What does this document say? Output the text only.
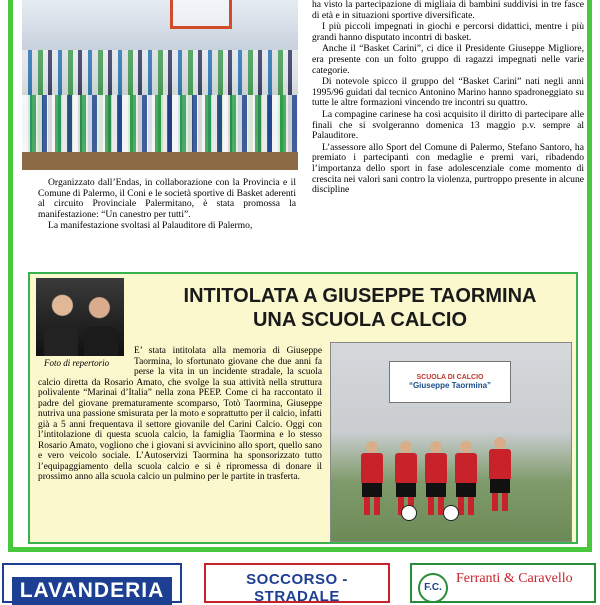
Organizzato dall’Endas, in collaborazione con la Provincia e il Comune di Palermo, il Coni e le società sportive di Basket aderenti al circuito Provinciale Palermitano, è stata promossa la manifestazione: “Un canestro per tutti”.

La manifestazione svoltasi al Palauditore di Palermo,

ha visto la partecipazione di migliaia di bambini suddivisi in tre fasce di età e in situazioni sportive diversificate.

I più piccoli impegnati in giochi e percorsi didattici, mentre i più grandi hanno disputato incontri di basket.

Anche il “Basket Carini”, ci dice il Presidente Giuseppe Migliore, era presente con un folto gruppo di ragazzi impegnati nelle varie categorie.

Di notevole spicco il gruppo del “Basket Carini” nati negli anni 1995/96 guidati dal tecnico Antonino Marino hanno spadroneggiato su tutte le altre formazioni vincendo tre incontri su quattro.

La compagine carinese ha così acquisito il diritto di partecipare alle finali che si svolgeranno domenica 13 maggio p.v. sempre al Palauditore.

L’assessore allo Sport del Comune di Palermo, Stefano Santoro, ha premiato i partecipanti con medaglie e premi vari, ribadendo l’importanza dello sport in fase adolescenziale come momento di crescita nei valori sani contro la violenza, purtroppo presente in alcune discipline

Foto di repertorio
INTITOLATA A GIUSEPPE TAORMINA
UNA SCUOLA CALCIO
E’ stata intitolata alla memoria di Giuseppe Taormina, lo sfortunato giovane che due anni fa perse la vita in un incidente stradale, la scuola calcio diretta da Rosario Amato, che svolge la sua attività nella struttura polivalente “Marinai d’Italia” nella zona PEEP. Come ci ha raccontato il padre del giovane prematuramente scomparso, Totò Taormina, Giuseppe nutriva una passione smisurata per la moto e soprattutto per il calcio, infatti già a 5 anni frequentava il settore giovanile del Carini Calcio. Oggi con l’intitolazione di questa scuola calcio, la famiglia Taormina e lo stesso Rosario Amato, vogliono che i giovani si avvicinino allo sport, quello sano e vero veicolo sociale. L’Autoservizi Taormina ha sponsorizzato tutto l’equipaggiamento della scuola calcio e si è ripromessa di donare il prossimo anno alla scuola calcio un pulmino per le partite in trasferta.
SCUOLA DI CALCIO
“Giuseppe Taormina”
LAVANDERIA	SOCCORSO - STRADALE
F.C.
Ferranti & Caravello
